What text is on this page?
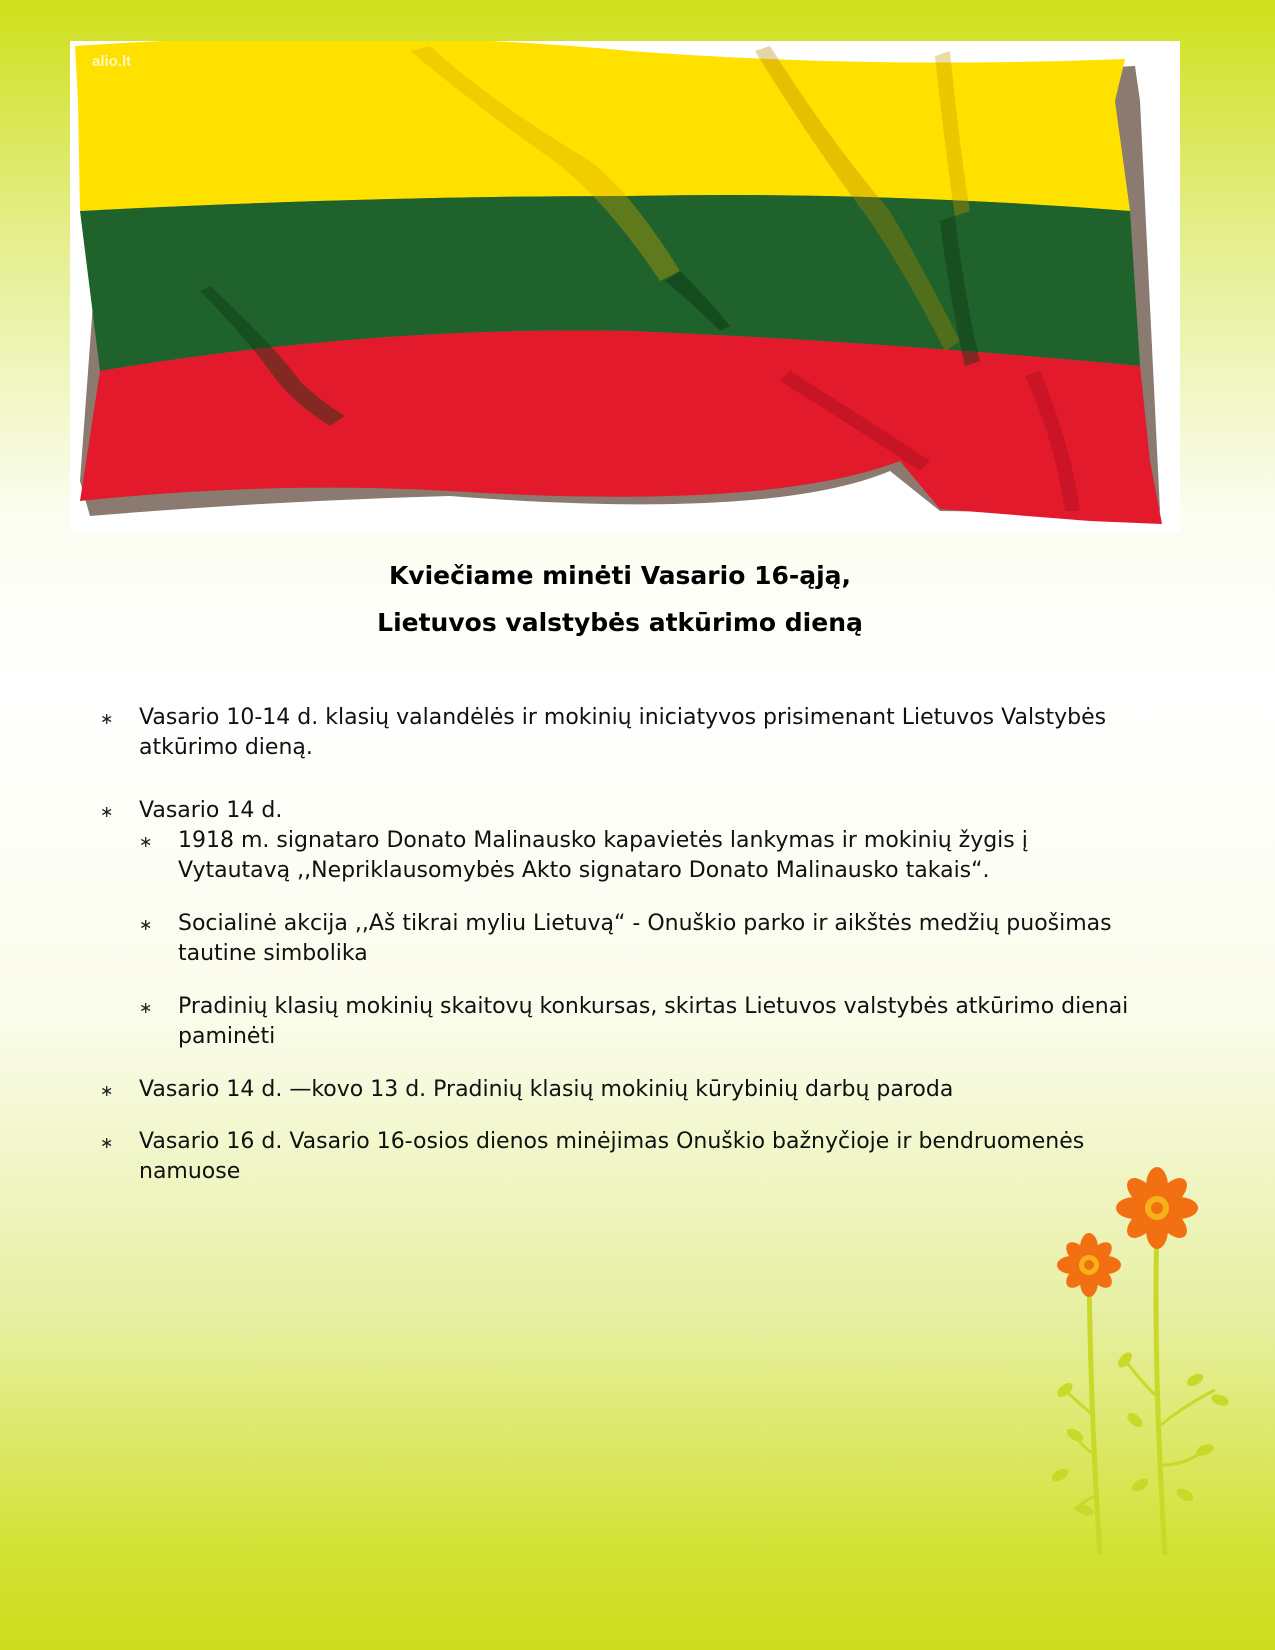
alio.lt
Kviečiame minėti Vasario 16-ąją,
Lietuvos valstybės atkūrimo dieną
∗ Vasario 10-14 d. klasių valandėlės ir mokinių iniciatyvos prisimenant Lietuvos Valstybės atkūrimo dieną.
∗ Vasario 14 d.
∗ 1918 m. signataro Donato Malinausko kapavietės lankymas ir mokinių žygis į Vytautavą ,,Nepriklausomybės Akto signataro Donato Malinausko takais“.
∗ Socialinė akcija ,,Aš tikrai myliu Lietuvą“ - Onuškio parko ir aikštės medžių puošimas tautine simbolika
∗ Pradinių klasių mokinių skaitovų konkursas, skirtas Lietuvos valstybės atkūrimo dienai paminėti
∗ Vasario 14 d. —kovo 13 d. Pradinių klasių mokinių kūrybinių darbų paroda
∗ Vasario 16 d. Vasario 16-osios dienos minėjimas Onuškio bažnyčioje ir bendruomenės namuose
